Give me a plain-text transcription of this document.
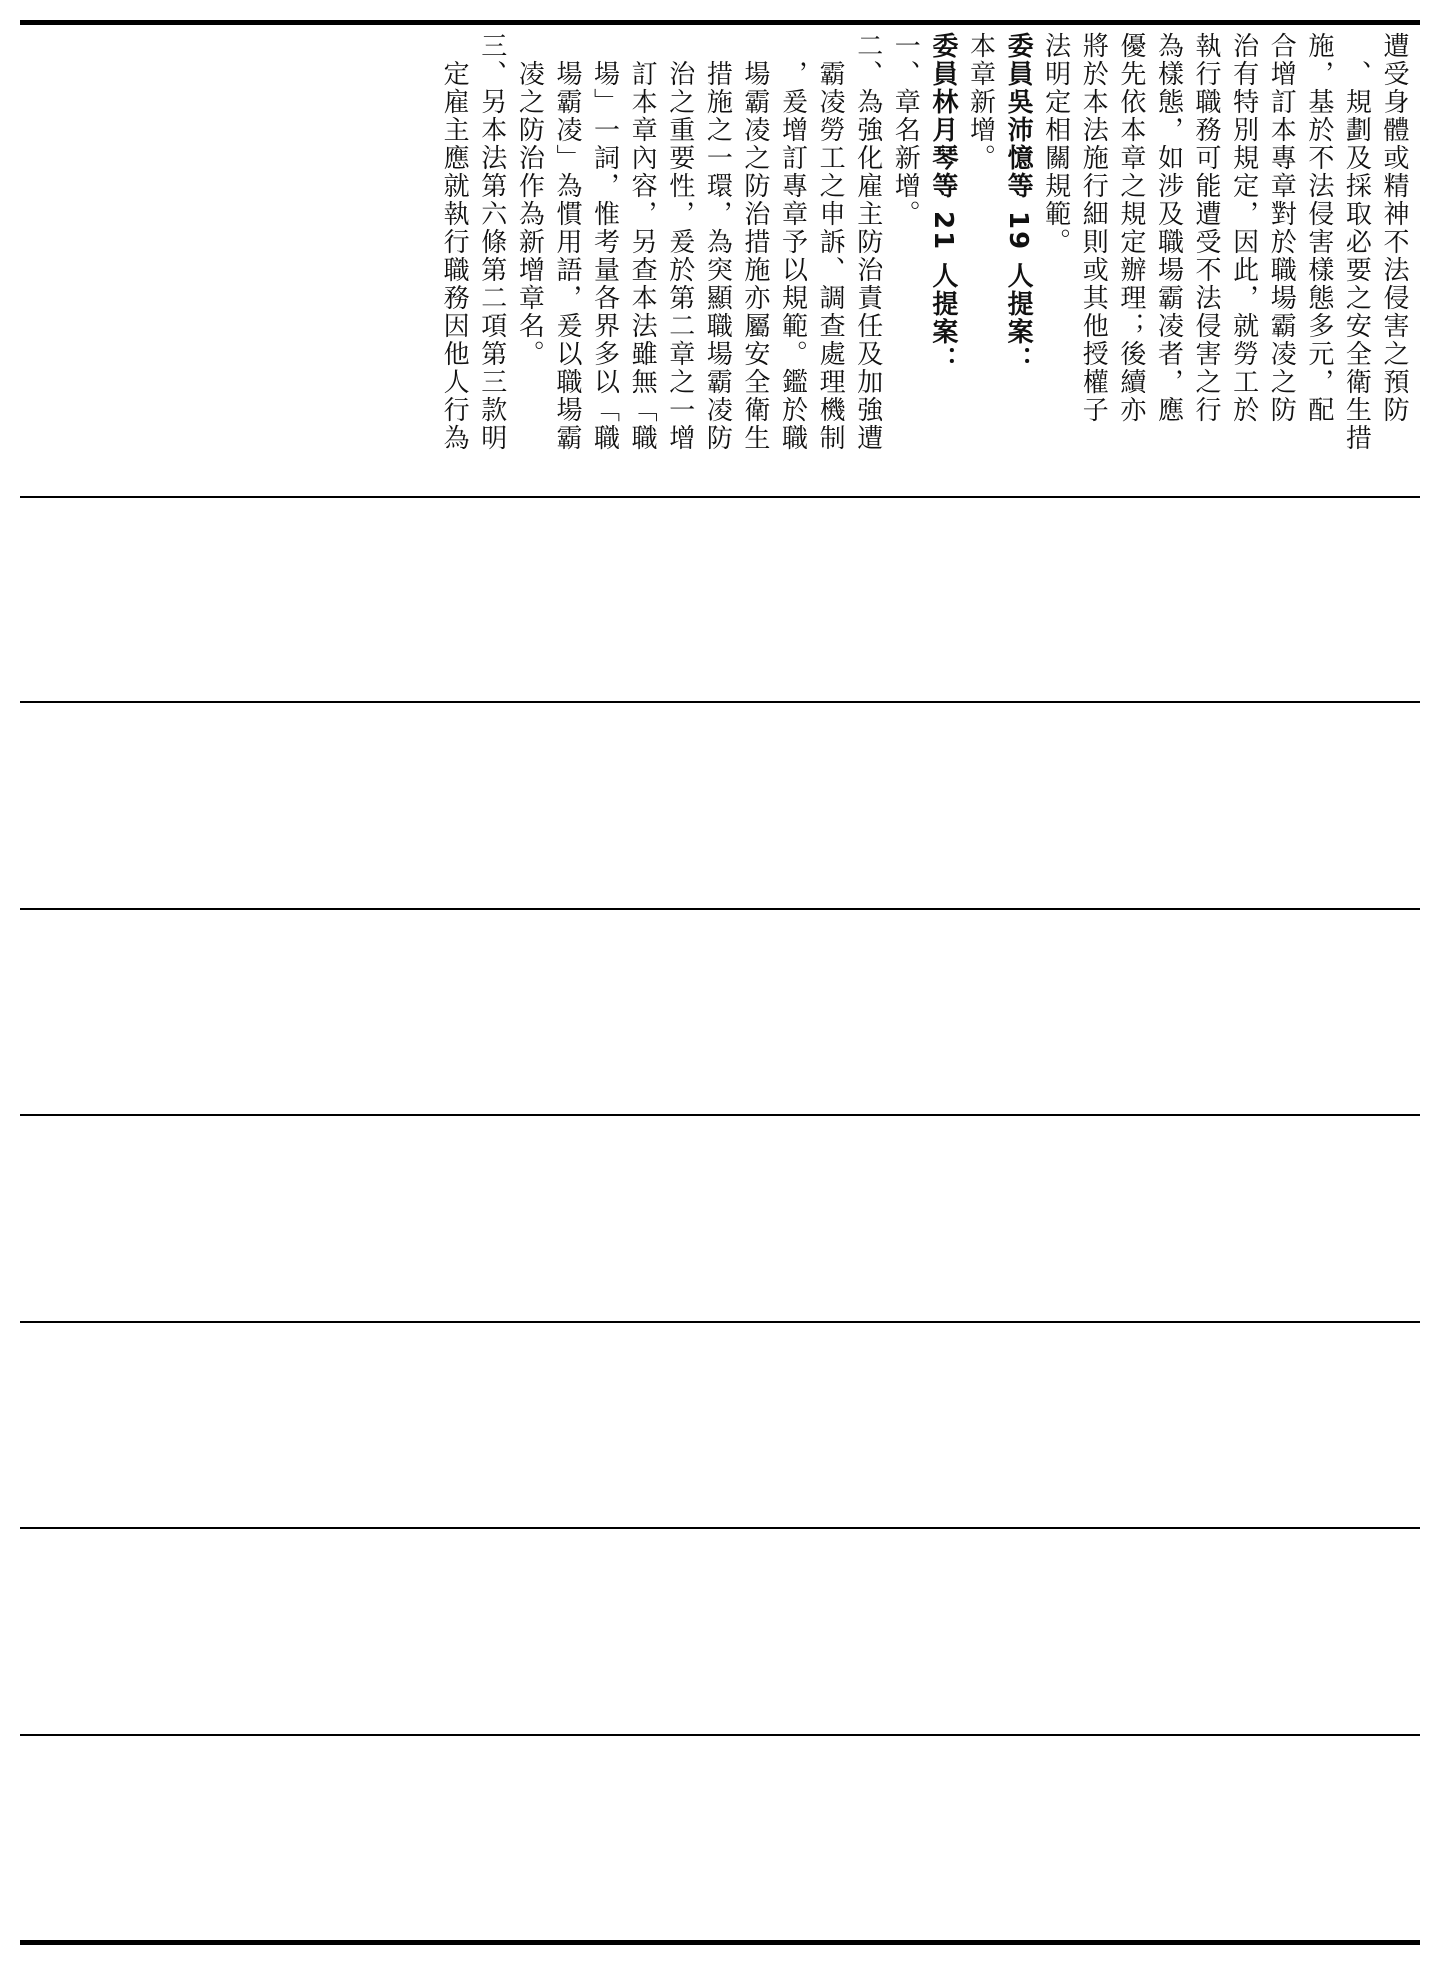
遭受身體或精神不法侵害之預防
　、規劃及採取必要之安全衛生措
施，基於不法侵害樣態多元，配
合增訂本專章對於職場霸凌之防
治有特別規定，因此，就勞工於
執行職務可能遭受不法侵害之行
為樣態，如涉及職場霸凌者，應
優先依本章之規定辦理；後續亦
將於本法施行細則或其他授權子
法明定相關規範。
委員吳沛憶等 19 人提案：
本章新增。
委員林月琴等 21 人提案：
一、章名新增。
二、為強化雇主防治責任及加強遭
　霸凌勞工之申訴、調查處理機制
　，爰增訂專章予以規範。鑑於職
　場霸凌之防治措施亦屬安全衛生
　措施之一環，為突顯職場霸凌防
　治之重要性，爰於第二章之一增
　訂本章內容，另查本法雖無「職
　場」一詞，惟考量各界多以「職
　場霸凌」為慣用語，爰以職場霸
　凌之防治作為新增章名。
三、另本法第六條第二項第三款明
　定雇主應就執行職務因他人行為
